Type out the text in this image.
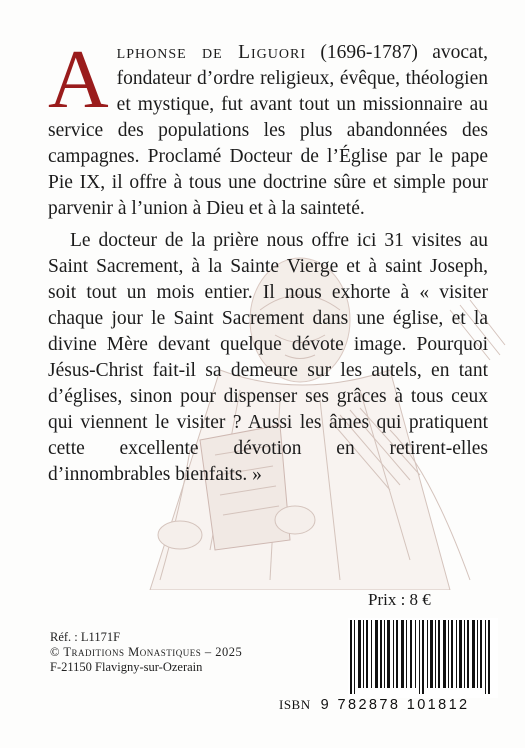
Alphonse de Liguori (1696-1787) avocat, fondateur d’ordre religieux, évêque, théologien et mystique, fut avant tout un missionnaire au service des populations les plus abandonnées des campagnes. Proclamé Docteur de l’Église par le pape Pie IX, il offre à tous une doctrine sûre et simple pour parvenir à l’union à Dieu et à la sainteté.

Le docteur de la prière nous offre ici 31 visites au Saint Sacrement, à la Sainte Vierge et à saint Joseph, soit tout un mois entier. Il nous exhorte à « visiter chaque jour le Saint Sacrement dans une église, et la divine Mère devant quelque dévote image. Pourquoi Jésus-Christ fait-il sa demeure sur les autels, en tant d’églises, sinon pour dispenser ses grâces à tous ceux qui viennent le visiter ? Aussi les âmes qui pratiquent cette excellente dévotion en retirent-elles d’innombrables bienfaits. »

Prix : 8 €
Réf. : L1171F
© Traditions Monastiques – 2025
F-21150 Flavigny-sur-Ozerain
ISBN 9 782878 101812
